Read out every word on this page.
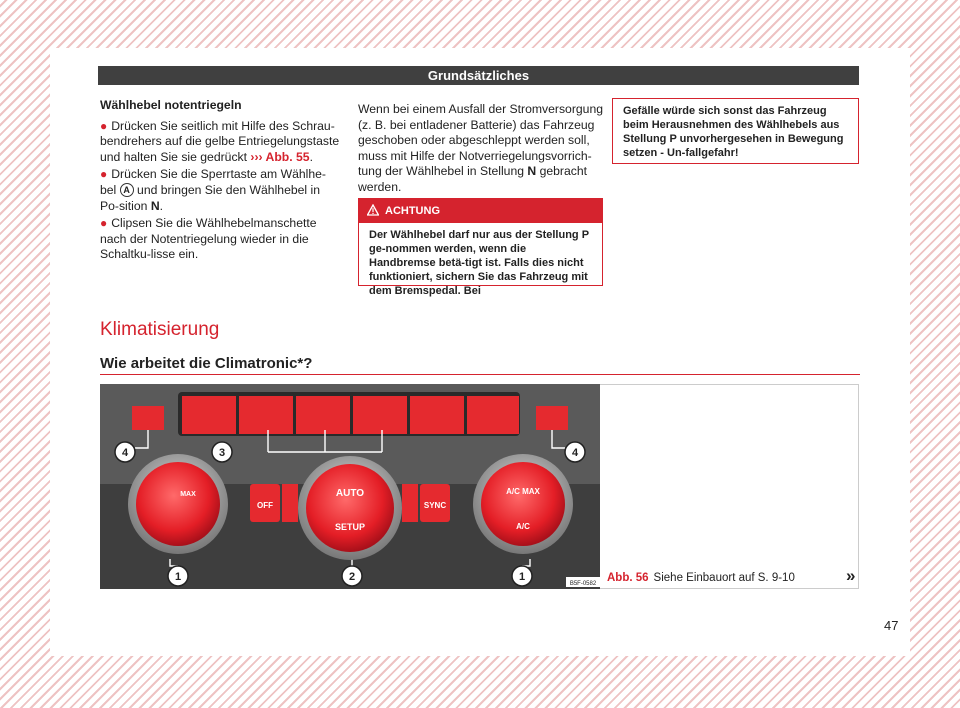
Grundsätzliches
Wählhebel notentriegeln
● Drücken Sie seitlich mit Hilfe des Schrau-bendrehers auf die gelbe Entriegelungstaste und halten Sie sie gedrückt ››› Abb. 55.
● Drücken Sie die Sperrtaste am Wählhe-bel A und bringen Sie den Wählhebel in Po-sition N.
● Clipsen Sie die Wählhebelmanschette nach der Notentriegelung wieder in die Schaltku-lisse ein.
Wenn bei einem Ausfall der Stromversorgung (z. B. bei entladener Batterie) das Fahrzeug geschoben oder abgeschleppt werden soll, muss mit Hilfe der Notverriegelungsvorrich-tung der Wählhebel in Stellung N gebracht werden.
ACHTUNG
Der Wählhebel darf nur aus der Stellung P ge-nommen werden, wenn die Handbremse betä-tigt ist. Falls dies nicht funktioniert, sichern Sie das Fahrzeug mit dem Bremspedal. Bei
Gefälle würde sich sonst das Fahrzeug beim Herausnehmen des Wählhebels aus Stellung P unvorhergesehen in Bewegung setzen - Un-fallgefahr!
Klimatisierung
Wie arbeitet die Climatronic*?
MAX
OFF
AUTO
SETUP
SYNC
A/C MAX
A/C
4	3	4
1	2	1
B5F-0582 Abb. 56 Siehe Einbauort auf S. 9-10	»
47
